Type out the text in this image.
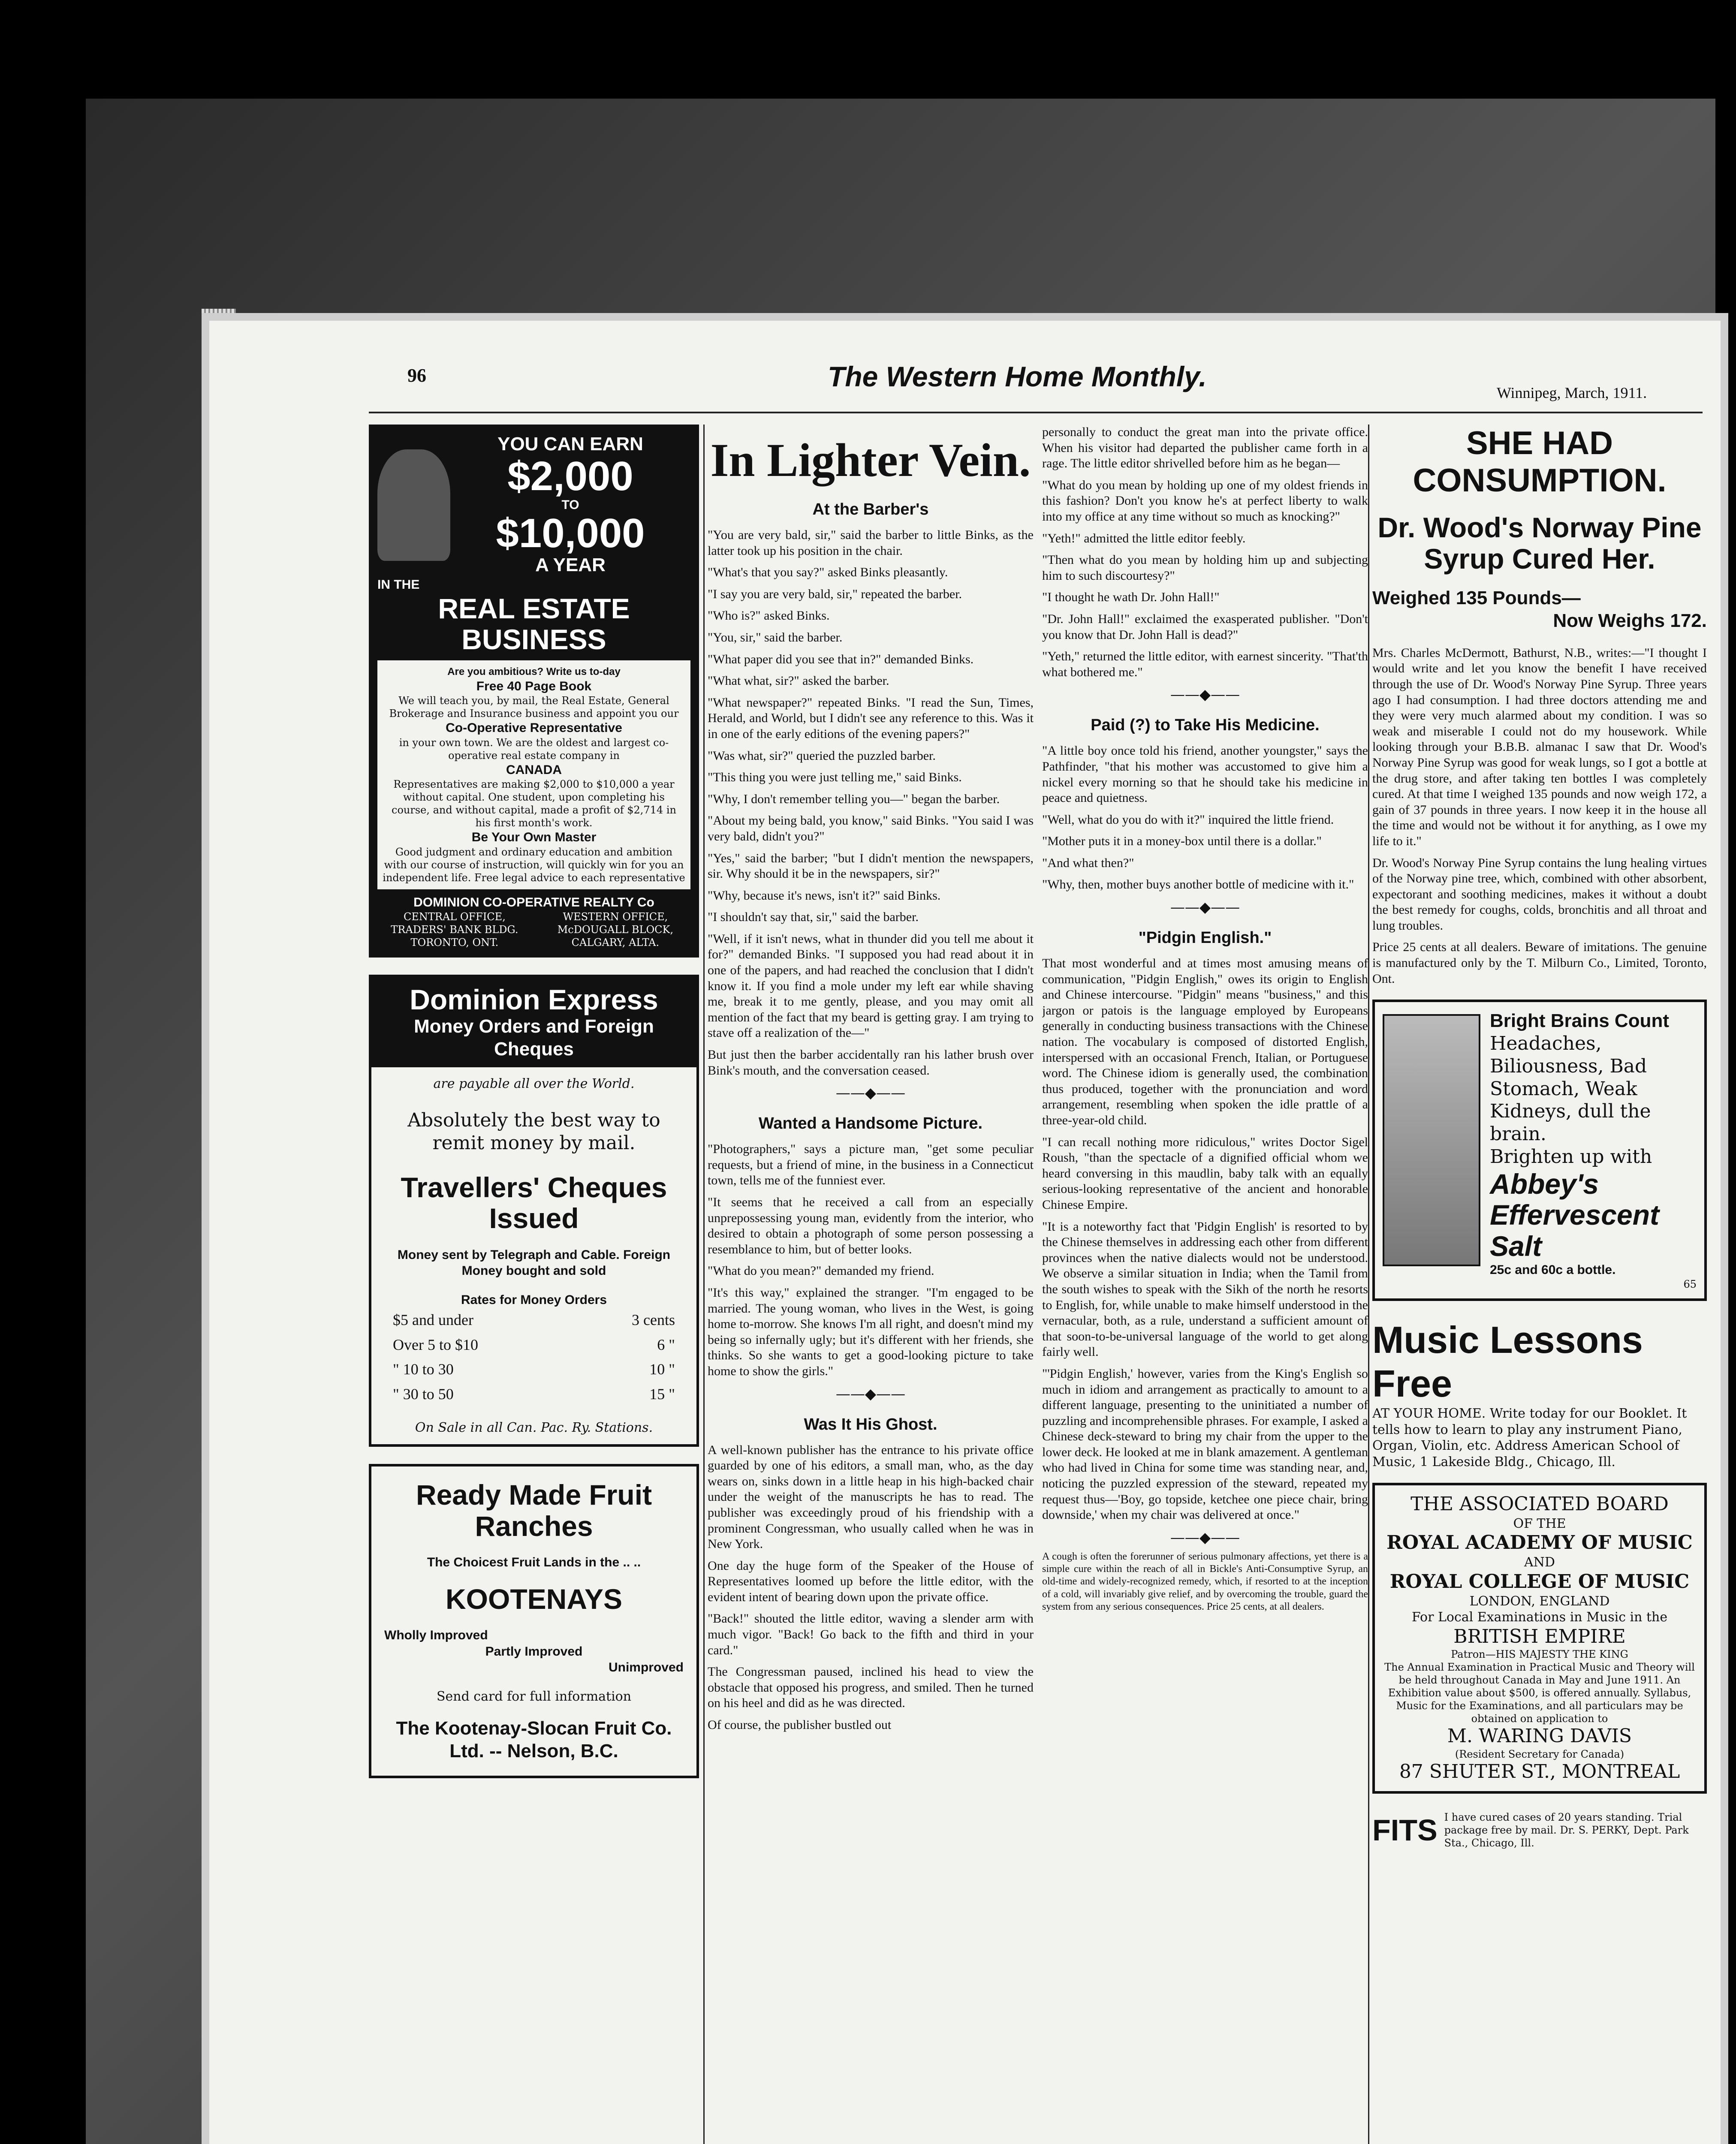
96	The Western Home Monthly.
Winnipeg, March, 1911.
YOU CAN EARN
$2,000
TO
$10,000
A YEAR
IN THE
REAL ESTATE BUSINESS
Are you ambitious? Write us to-day
Free 40 Page Book
We will teach you, by mail, the Real Estate, General Brokerage and Insurance business and appoint you our
Co-Operative Representative
in your own town. We are the oldest and largest co-operative real estate company in
CANADA
Representatives are making $2,000 to $10,000 a year without capital. One student, upon completing his course, and without capital, made a profit of $2,714 in his first month's work.
Be Your Own Master
Good judgment and ordinary education and ambition with our course of instruction, will quickly win for you an independent life. Free legal advice to each representative
DOMINION CO-OPERATIVE REALTY Co
CENTRAL OFFICE, TRADERS' BANK BLDG. TORONTO, ONT.
WESTERN OFFICE, McDOUGALL BLOCK, CALGARY, ALTA.
Dominion Express
Money Orders and Foreign Cheques
are payable all over the World.
Absolutely the best way to remit money by mail.
Travellers' Cheques Issued
Money sent by Telegraph and Cable. Foreign Money bought and sold
Rates for Money Orders
$5 and under	3 cents
Over 5 to $10	6 "
" 10 to 30	10 "
" 30 to 50	15 "
On Sale in all Can. Pac. Ry. Stations.
Ready Made Fruit Ranches
The Choicest Fruit Lands in the .. ..
KOOTENAYS
Wholly Improved
Partly Improved
Unimproved
Send card for full information
The Kootenay-Slocan Fruit Co. Ltd. -- Nelson, B.C.
In Lighter Vein.
At the Barber's

"You are very bald, sir," said the barber to little Binks, as the latter took up his position in the chair.

"What's that you say?" asked Binks pleasantly.

"I say you are very bald, sir," repeated the barber.

"Who is?" asked Binks.

"You, sir," said the barber.

"What paper did you see that in?" demanded Binks.

"What what, sir?" asked the barber.

"What newspaper?" repeated Binks. "I read the Sun, Times, Herald, and World, but I didn't see any reference to this. Was it in one of the early editions of the evening papers?"

"Was what, sir?" queried the puzzled barber.

"This thing you were just telling me," said Binks.

"Why, I don't remember telling you—" began the barber.

"About my being bald, you know," said Binks. "You said I was very bald, didn't you?"

"Yes," said the barber; "but I didn't mention the newspapers, sir. Why should it be in the newspapers, sir?"

"Why, because it's news, isn't it?" said Binks.

"I shouldn't say that, sir," said the barber.

"Well, if it isn't news, what in thunder did you tell me about it for?" demanded Binks. "I supposed you had read about it in one of the papers, and had reached the conclusion that I didn't know it. If you find a mole under my left ear while shaving me, break it to me gently, please, and you may omit all mention of the fact that my beard is getting gray. I am trying to stave off a realization of the—"

But just then the barber accidentally ran his lather brush over Bink's mouth, and the conversation ceased.

——◆——
Wanted a Handsome Picture.

"Photographers," says a picture man, "get some peculiar requests, but a friend of mine, in the business in a Connecticut town, tells me of the funniest ever.

"It seems that he received a call from an especially unprepossessing young man, evidently from the interior, who desired to obtain a photograph of some person possessing a resemblance to him, but of better looks.

"What do you mean?" demanded my friend.

"It's this way," explained the stranger. "I'm engaged to be married. The young woman, who lives in the West, is going home to-morrow. She knows I'm all right, and doesn't mind my being so infernally ugly; but it's different with her friends, she thinks. So she wants to get a good-looking picture to take home to show the girls."

——◆——
Was It His Ghost.

A well-known publisher has the entrance to his private office guarded by one of his editors, a small man, who, as the day wears on, sinks down in a little heap in his high-backed chair under the weight of the manuscripts he has to read. The publisher was exceedingly proud of his friendship with a prominent Congressman, who usually called when he was in New York.

One day the huge form of the Speaker of the House of Representatives loomed up before the little editor, with the evident intent of bearing down upon the private office.

"Back!" shouted the little editor, waving a slender arm with much vigor. "Back! Go back to the fifth and third in your card."

The Congressman paused, inclined his head to view the obstacle that opposed his progress, and smiled. Then he turned on his heel and did as he was directed.

Of course, the publisher bustled out

personally to conduct the great man into the private office. When his visitor had departed the publisher came forth in a rage. The little editor shrivelled before him as he began—

"What do you mean by holding up one of my oldest friends in this fashion? Don't you know he's at perfect liberty to walk into my office at any time without so much as knocking?"

"Yeth!" admitted the little editor feebly.

"Then what do you mean by holding him up and subjecting him to such discourtesy?"

"I thought he wath Dr. John Hall!"

"Dr. John Hall!" exclaimed the exasperated publisher. "Don't you know that Dr. John Hall is dead?"

"Yeth," returned the little editor, with earnest sincerity. "That'th what bothered me."

——◆——
Paid (?) to Take His Medicine.

"A little boy once told his friend, another youngster," says the Pathfinder, "that his mother was accustomed to give him a nickel every morning so that he should take his medicine in peace and quietness.

"Well, what do you do with it?" inquired the little friend.

"Mother puts it in a money-box until there is a dollar."

"And what then?"

"Why, then, mother buys another bottle of medicine with it."

——◆——
"Pidgin English."

That most wonderful and at times most amusing means of communication, "Pidgin English," owes its origin to English and Chinese intercourse. "Pidgin" means "business," and this jargon or patois is the language employed by Europeans generally in conducting business transactions with the Chinese nation. The vocabulary is composed of distorted English, interspersed with an occasional French, Italian, or Portuguese word. The Chinese idiom is generally used, the combination thus produced, together with the pronunciation and word arrangement, resembling when spoken the idle prattle of a three-year-old child.

"I can recall nothing more ridiculous," writes Doctor Sigel Roush, "than the spectacle of a dignified official whom we heard conversing in this maudlin, baby talk with an equally serious-looking representative of the ancient and honorable Chinese Empire.

"It is a noteworthy fact that 'Pidgin English' is resorted to by the Chinese themselves in addressing each other from different provinces when the native dialects would not be understood. We observe a similar situation in India; when the Tamil from the south wishes to speak with the Sikh of the north he resorts to English, for, while unable to make himself understood in the vernacular, both, as a rule, understand a sufficient amount of that soon-to-be-universal language of the world to get along fairly well.

"'Pidgin English,' however, varies from the King's English so much in idiom and arrangement as practically to amount to a different language, presenting to the uninitiated a number of puzzling and incomprehensible phrases. For example, I asked a Chinese deck-steward to bring my chair from the upper to the lower deck. He looked at me in blank amazement. A gentleman who had lived in China for some time was standing near, and, noticing the puzzled expression of the steward, repeated my request thus—'Boy, go topside, ketchee one piece chair, bring downside,' when my chair was delivered at once."

——◆——

A cough is often the forerunner of serious pulmonary affections, yet there is a simple cure within the reach of all in Bickle's Anti-Consumptive Syrup, an old-time and widely-recognized remedy, which, if resorted to at the inception of a cold, will invariably give relief, and by overcoming the trouble, guard the system from any serious consequences. Price 25 cents, at all dealers.

SHE HAD CONSUMPTION.
Dr. Wood's Norway Pine Syrup Cured Her.
Weighed 135 Pounds—
Now Weighs 172.

Mrs. Charles McDermott, Bathurst, N.B., writes:—"I thought I would write and let you know the benefit I have received through the use of Dr. Wood's Norway Pine Syrup. Three years ago I had consumption. I had three doctors attending me and they were very much alarmed about my condition. I was so weak and miserable I could not do my housework. While looking through your B.B.B. almanac I saw that Dr. Wood's Norway Pine Syrup was good for weak lungs, so I got a bottle at the drug store, and after taking ten bottles I was completely cured. At that time I weighed 135 pounds and now weigh 172, a gain of 37 pounds in three years. I now keep it in the house all the time and would not be without it for anything, as I owe my life to it."

Dr. Wood's Norway Pine Syrup contains the lung healing virtues of the Norway pine tree, which, combined with other absorbent, expectorant and soothing medicines, makes it without a doubt the best remedy for coughs, colds, bronchitis and all throat and lung troubles.

Price 25 cents at all dealers. Beware of imitations. The genuine is manufactured only by the T. Milburn Co., Limited, Toronto, Ont.

Bright Brains Count
Headaches, Biliousness, Bad Stomach, Weak Kidneys, dull the brain.
Brighten up with
Abbey's Effervescent Salt
25c and 60c a bottle.
65
Music Lessons Free
AT YOUR HOME. Write today for our Booklet. It tells how to learn to play any instrument Piano, Organ, Violin, etc. Address American School of Music, 1 Lakeside Bldg., Chicago, Ill.
THE ASSOCIATED BOARD
OF THE
ROYAL ACADEMY OF MUSIC
AND
ROYAL COLLEGE OF MUSIC
LONDON, ENGLAND
For Local Examinations in Music in the
BRITISH EMPIRE
Patron—HIS MAJESTY THE KING
The Annual Examination in Practical Music and Theory will be held throughout Canada in May and June 1911. An Exhibition value about $500, is offered annually. Syllabus, Music for the Examinations, and all particulars may be obtained on application to
M. WARING DAVIS
(Resident Secretary for Canada)
87 SHUTER ST., MONTREAL
FITS I have cured cases of 20 years standing. Trial package free by mail. Dr. S. PERKY, Dept. Park Sta., Chicago, Ill.
